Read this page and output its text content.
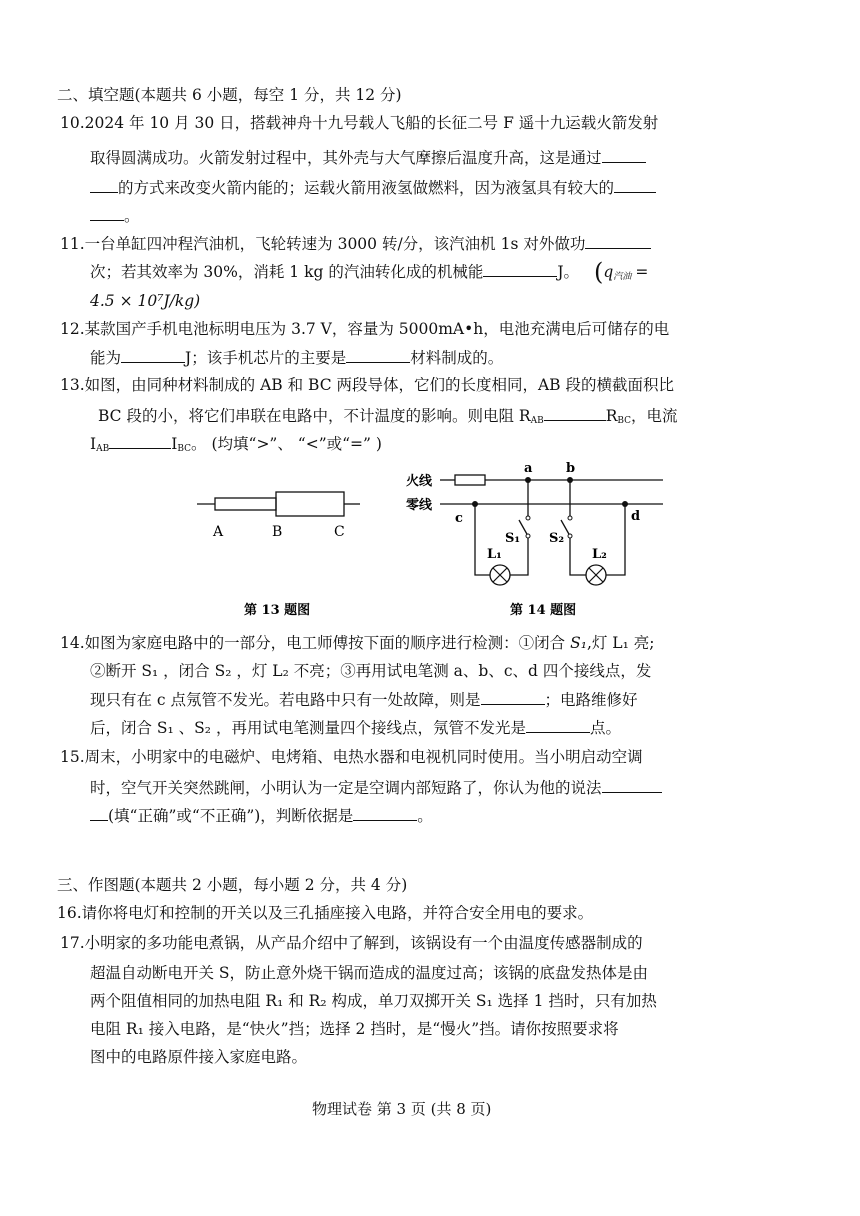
二、填空题(本题共 6 小题，每空 1 分，共 12 分)
10.2024 年 10 月 30 日，搭载神舟十九号载人飞船的长征二号 F 遥十九运载火箭发射
取得圆满成功。火箭发射过程中，其外壳与大气摩擦后温度升高，这是通过
的方式来改变火箭内能的；运载火箭用液氢做燃料，因为液氢具有较大的
。
11.一台单缸四冲程汽油机，飞轮转速为 3000 转/分，该汽油机 1s 对外做功
次；若其效率为 30%，消耗 1 kg 的汽油转化成的机械能	J。 ($q_{汽油}$ =
4.5 × 10⁷J/kg)
12.某款国产手机电池标明电压为 3.7 V，容量为 5000mA•h，电池充满电后可储存的电
能为	J；该手机芯片的主要是	材料制成的。
13.如图，由同种材料制成的 AB 和 BC 两段导体，它们的长度相同，AB 段的横截面积比
BC 段的小，将它们串联在电路中，不计温度的影响。则电阻 $R_{AB}$	$R_{BC}$，电流
$I_{AB}$	$I_{BC}$。 (均填“>”、 “<”或“=” )
A	B	C
第 13 题图
火线
零线
a	b
c	d
S₁
L₁
S₂
L₂
第 14 题图
14.如图为家庭电路中的一部分，电工师傅按下面的顺序进行检测：①闭合 S₁,灯 L₁ 亮;
②断开 S₁ ，闭合 S₂ ，灯 L₂ 不亮；③再用试电笔测 a、b、c、d 四个接线点，发
现只有在 c 点氖管不发光。若电路中只有一处故障，则是	；电路维修好
后，闭合 S₁ 、S₂ ，再用试电笔测量四个接线点，氖管不发光是	点。
15.周末，小明家中的电磁炉、电烤箱、电热水器和电视机同时使用。当小明启动空调
时，空气开关突然跳闸，小明认为一定是空调内部短路了，你认为他的说法
(填“正确”或“不正确”)，判断依据是	。
三、作图题(本题共 2 小题，每小题 2 分，共 4 分)
16.请你将电灯和控制的开关以及三孔插座接入电路，并符合安全用电的要求。
17.小明家的多功能电煮锅，从产品介绍中了解到，该锅设有一个由温度传感器制成的
超温自动断电开关 S，防止意外烧干锅而造成的温度过高；该锅的底盘发热体是由
两个阻值相同的加热电阻 R₁ 和 R₂ 构成，单刀双掷开关 S₁ 选择 1 挡时，只有加热
电阻 R₁ 接入电路，是“快火”挡；选择 2 挡时，是“慢火”挡。请你按照要求将
图中的电路原件接入家庭电路。
物理试卷 第 3 页 (共 8 页)
